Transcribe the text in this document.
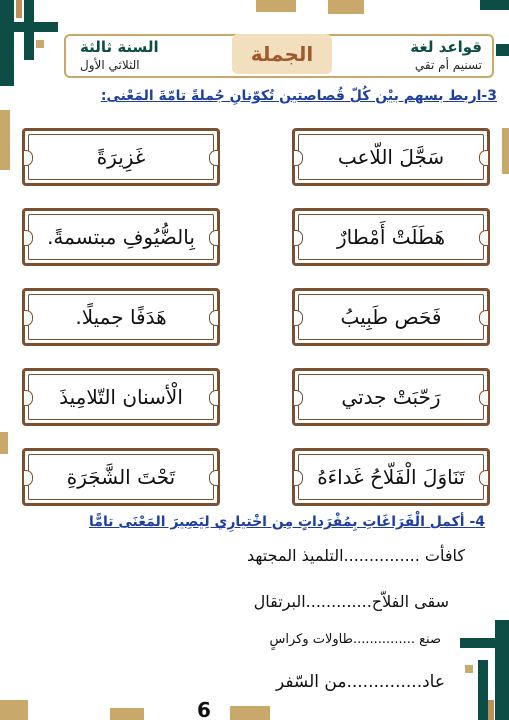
قواعد لغة
تسنيم أم تقي
الجملة
السنة ثالثة
الثلاثي الأول
3-اربط بسهم بيْن كُلّ قُصاصتين تُكوّنانِ جُملةً تامّةَ المَعْنى:
سَجَّلَ اللّاعب
هَطَلَتْ أَمْطارٌ
فَحَص طَبِيبُ
رَحّبَتْ جدتي
تَنَاوَلَ الْفَلّاحُ غَداءَهُ
غَزِيرَةً
بِالضُّيُوفِ مبتسمةً.
هَدَفًا جميلًا.
الْأسنان التّلامِيذَ
تَحْتَ الشَّجَرَةِ
4- أكمل الْفَرَاغَاتِ بِمُفْرَداتٍ مِن اخْتيارِي لِيَصِيرَ المَعْنَى تامًّا
كافأت ...............التلميذ المجتهد
سقى الفلاّح.............البرتقال
صنع ...............طاولات وكراسٍ
عاد..............من السّفر
6
